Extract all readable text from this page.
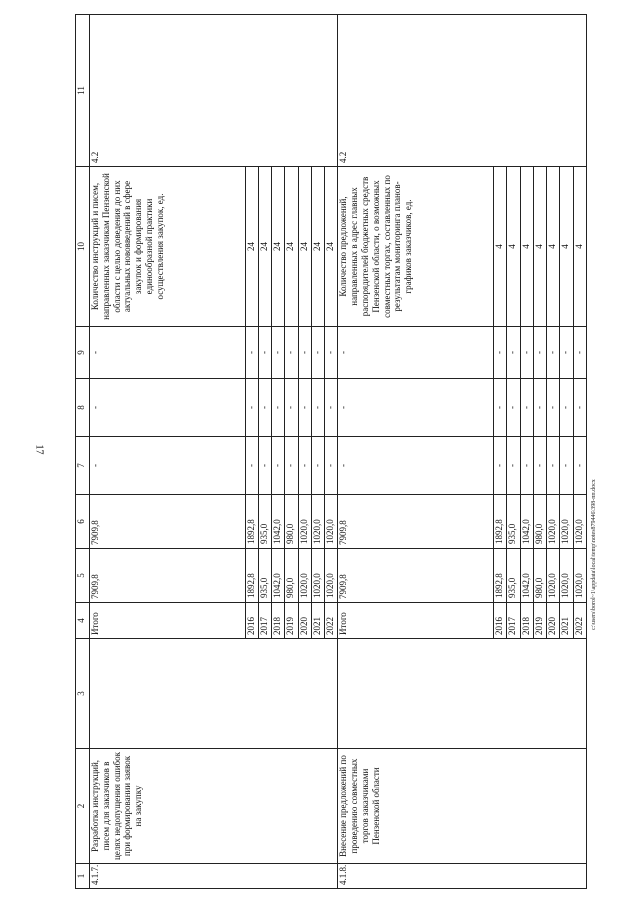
17
c:\users\borol~1\appdata\local\temp\notes879446\398-пп.docx
1	2	3	4	5	6	7	8	9	10	11
4.1.7.	Разработка инструкций, писем для заказчиков в целях недопущения ошибок при формировании заявок на закупку		Итого	7909,8	7909,8	-	-	-	Количество инструкций и писем, направленных заказчикам Пензенской области с целью доведения до них актуальных нововведений в сфере закупок и формирования единообразной практики осуществления закупок, ед.	4.2
			2016	1892,8	1892,8	-	-	-	24	
			2017	935,0	935,0	-	-	-	24	
			2018	1042,0	1042,0	-	-	-	24	
			2019	980,0	980,0	-	-	-	24	
			2020	1020,0	1020,0	-	-	-	24	
			2021	1020,0	1020,0	-	-	-	24	
			2022	1020,0	1020,0	-	-	-	24	
4.1.8.	Внесение предложений по проведению совместных торгов заказчиками Пензенской области		Итого	7909,8	7909,8	-	-	-	Количество предложений, направленных в адрес главных распорядителей бюджетных средств Пензенской области, о возможных совместных торгах, составленных по результатам мониторинга планов-графиков заказчиков, ед.	4.2
			2016	1892,8	1892,8	-	-	-	4	
			2017	935,0	935,0	-	-	-	4	
			2018	1042,0	1042,0	-	-	-	4	
			2019	980,0	980,0	-	-	-	4	
			2020	1020,0	1020,0	-	-	-	4	
			2021	1020,0	1020,0	-	-	-	4	
			2022	1020,0	1020,0	-	-	-	4	
